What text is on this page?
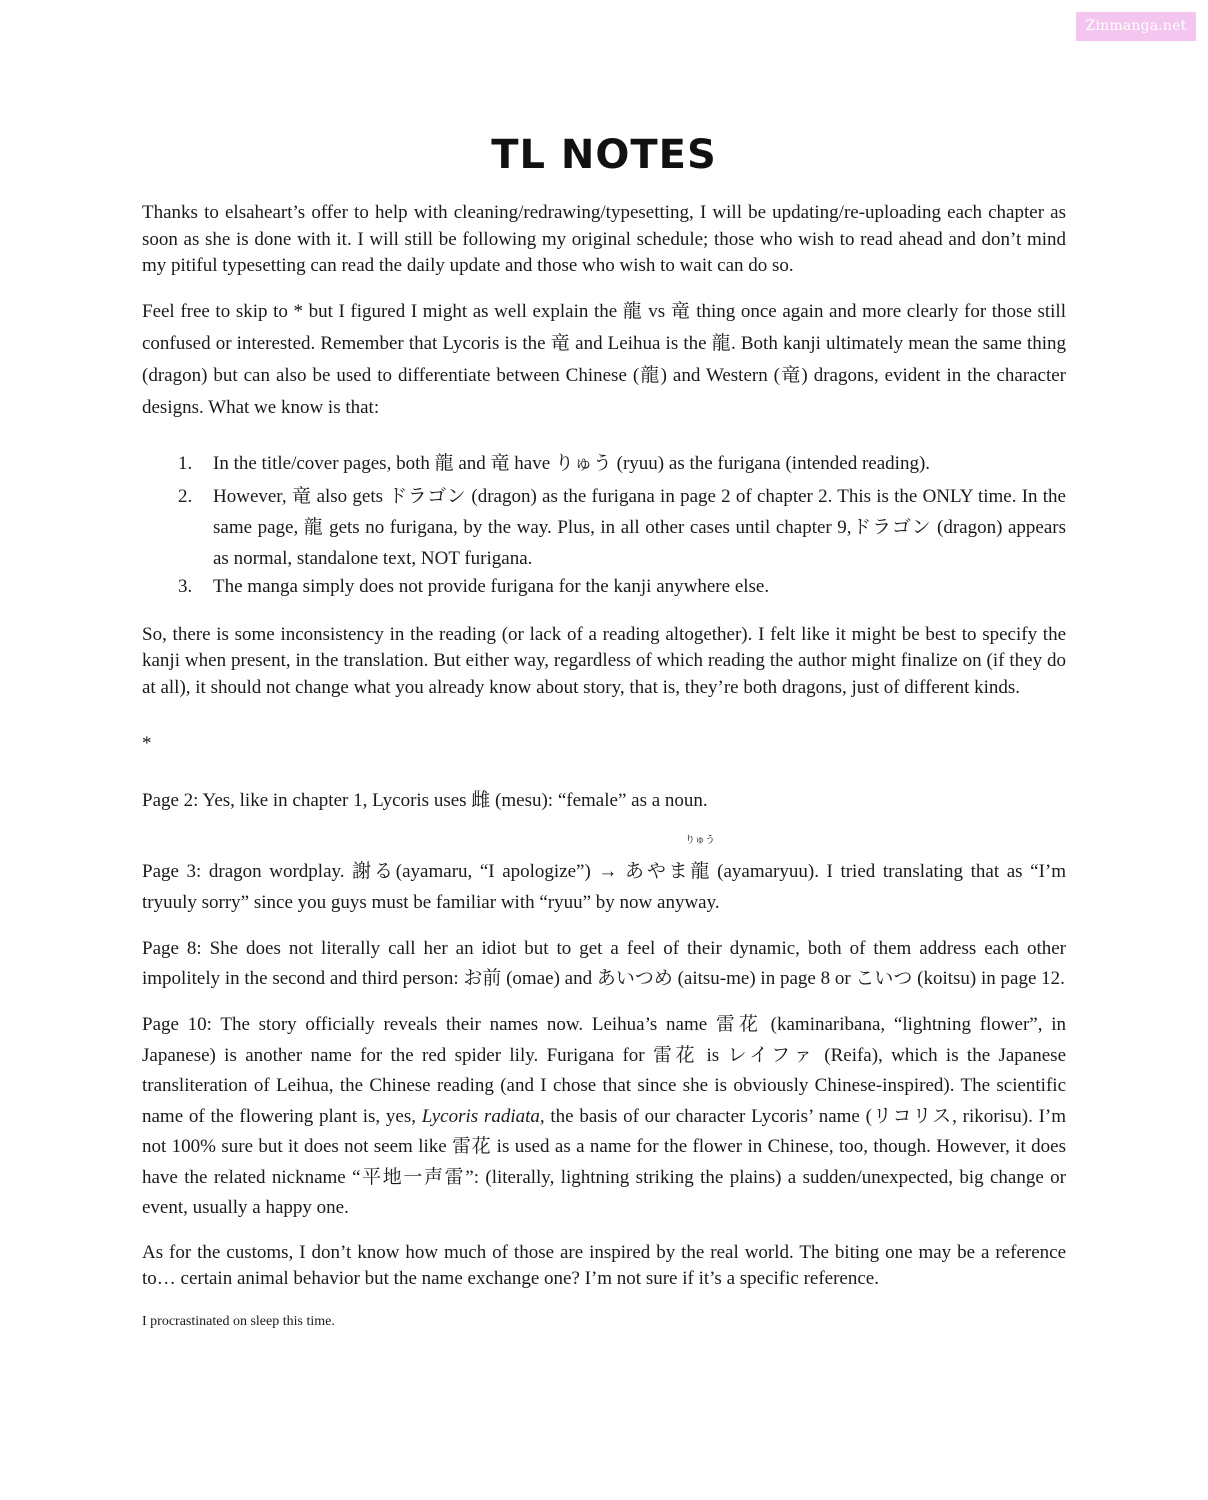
Zinmanga.net
TL NOTES

Thanks to elsaheart’s offer to help with cleaning/redrawing/typesetting, I will be updating/re-uploading each chapter as soon as she is done with it. I will still be following my original schedule; those who wish to read ahead and don’t mind my pitiful typesetting can read the daily update and those who wish to wait can do so.

Feel free to skip to * but I figured I might as well explain the 龍 vs 竜 thing once again and more clearly for those still confused or interested. Remember that Lycoris is the 竜 and Leihua is the 龍. Both kanji ultimately mean the same thing (dragon) but can also be used to differentiate between Chinese (龍) and Western (竜) dragons, evident in the character designs. What we know is that:

1. In the title/cover pages, both 龍 and 竜 have りゅう (ryuu) as the furigana (intended reading).
2. However, 竜 also gets ドラゴン (dragon) as the furigana in page 2 of chapter 2. This is the ONLY time. In the same page, 龍 gets no furigana, by the way. Plus, in all other cases until chapter 9,ドラゴン (dragon) appears as normal, standalone text, NOT furigana.
3. The manga simply does not provide furigana for the kanji anywhere else.

So, there is some inconsistency in the reading (or lack of a reading altogether). I felt like it might be best to specify the kanji when present, in the translation. But either way, regardless of which reading the author might finalize on (if they do at all), it should not change what you already know about story, that is, they’re both dragons, just of different kinds.

*

Page 2: Yes, like in chapter 1, Lycoris uses 雌 (mesu): “female” as a noun.

Page 3: dragon wordplay. 謝る(ayamaru, “I apologize”) → あやま
りゅう
龍 (ayamaryuu). I tried translating that as “I’m tryuuly sorry” since you guys must be familiar with “ryuu” by now anyway.

Page 8: She does not literally call her an idiot but to get a feel of their dynamic, both of them address each other impolitely in the second and third person: お前 (omae) and あいつめ (aitsu-me) in page 8 or こいつ (koitsu) in page 12.

Page 10: The story officially reveals their names now. Leihua’s name 雷花 (kaminaribana, “lightning flower”, in Japanese) is another name for the red spider lily. Furigana for 雷花 is レイファ (Reifa), which is the Japanese transliteration of Leihua, the Chinese reading (and I chose that since she is obviously Chinese-inspired). The scientific name of the flowering plant is, yes, Lycoris radiata, the basis of our character Lycoris’ name (リコリス, rikorisu). I’m not 100% sure but it does not seem like 雷花 is used as a name for the flower in Chinese, too, though. However, it does have the related nickname “平地一声雷”: (literally, lightning striking the plains) a sudden/unexpected, big change or event, usually a happy one.

As for the customs, I don’t know how much of those are inspired by the real world. The biting one may be a reference to… certain animal behavior but the name exchange one? I’m not sure if it’s a specific reference.

I procrastinated on sleep this time.
